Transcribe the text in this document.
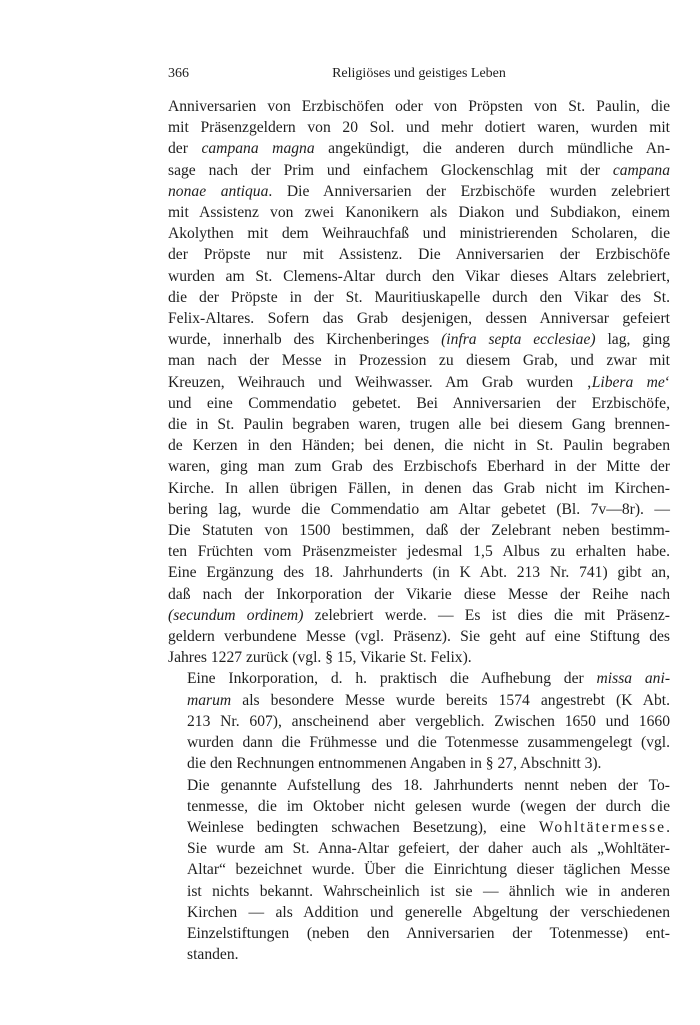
366	Religiöses und geistiges Leben

Anniversarien von Erzbischöfen oder von Pröpsten von St. Paulin, die
mit Präsenzgeldern von 20 Sol. und mehr dotiert waren, wurden mit
der campana magna angekündigt, die anderen durch mündliche An-
sage nach der Prim und einfachem Glockenschlag mit der campana
nonae antiqua. Die Anniversarien der Erzbischöfe wurden zelebriert
mit Assistenz von zwei Kanonikern als Diakon und Subdiakon, einem
Akolythen mit dem Weihrauchfaß und ministrierenden Scholaren, die
der Pröpste nur mit Assistenz. Die Anniversarien der Erzbischöfe
wurden am St. Clemens-Altar durch den Vikar dieses Altars zelebriert,
die der Pröpste in der St. Mauritiuskapelle durch den Vikar des St.
Felix-Altares. Sofern das Grab desjenigen, dessen Anniversar gefeiert
wurde, innerhalb des Kirchenberinges (infra septa ecclesiae) lag, ging
man nach der Messe in Prozession zu diesem Grab, und zwar mit
Kreuzen, Weihrauch und Weihwasser. Am Grab wurden ‚Libera me‘
und eine Commendatio gebetet. Bei Anniversarien der Erzbischöfe,
die in St. Paulin begraben waren, trugen alle bei diesem Gang brennen-
de Kerzen in den Händen; bei denen, die nicht in St. Paulin begraben
waren, ging man zum Grab des Erzbischofs Eberhard in der Mitte der
Kirche. In allen übrigen Fällen, in denen das Grab nicht im Kirchen-
bering lag, wurde die Commendatio am Altar gebetet (Bl. 7v—8r). —
Die Statuten von 1500 bestimmen, daß der Zelebrant neben bestimm-
ten Früchten vom Präsenzmeister jedesmal 1,5 Albus zu erhalten habe.
Eine Ergänzung des 18. Jahrhunderts (in K Abt. 213 Nr. 741) gibt an,
daß nach der Inkorporation der Vikarie diese Messe der Reihe nach
(secundum ordinem) zelebriert werde. — Es ist dies die mit Präsenz-
geldern verbundene Messe (vgl. Präsenz). Sie geht auf eine Stiftung des
Jahres 1227 zurück (vgl. § 15, Vikarie St. Felix).

Eine Inkorporation, d. h. praktisch die Aufhebung der missa ani-
marum als besondere Messe wurde bereits 1574 angestrebt (K Abt.
213 Nr. 607), anscheinend aber vergeblich. Zwischen 1650 und 1660
wurden dann die Frühmesse und die Totenmesse zusammengelegt (vgl.
die den Rechnungen entnommenen Angaben in § 27, Abschnitt 3).

Die genannte Aufstellung des 18. Jahrhunderts nennt neben der To-
tenmesse, die im Oktober nicht gelesen wurde (wegen der durch die
Weinlese bedingten schwachen Besetzung), eine Wohltätermesse.
Sie wurde am St. Anna-Altar gefeiert, der daher auch als „Wohltäter-
Altar“ bezeichnet wurde. Über die Einrichtung dieser täglichen Messe
ist nichts bekannt. Wahrscheinlich ist sie — ähnlich wie in anderen
Kirchen — als Addition und generelle Abgeltung der verschiedenen
Einzelstiftungen (neben den Anniversarien der Totenmesse) ent-
standen.
